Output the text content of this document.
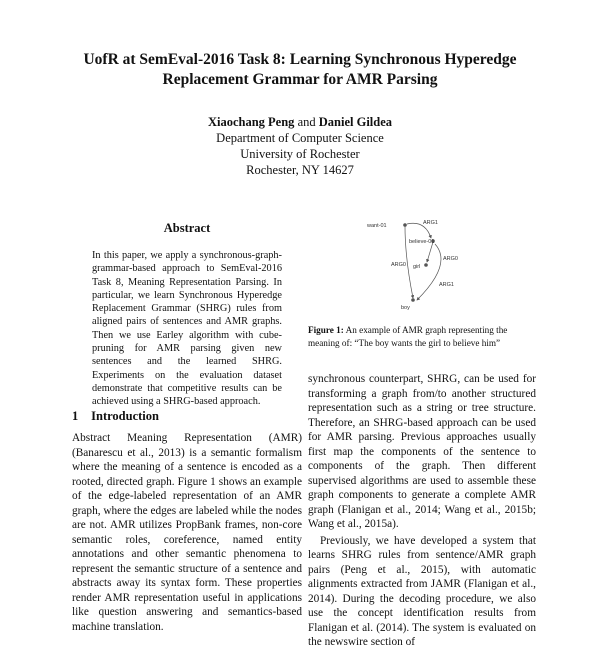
UofR at SemEval-2016 Task 8: Learning Synchronous Hyperedge
Replacement Grammar for AMR Parsing
Xiaochang Peng and Daniel Gildea
Department of Computer Science
University of Rochester
Rochester, NY 14627
Abstract
In this paper, we apply a synchronous-graph-grammar-based approach to SemEval-2016 Task 8, Meaning Representation Parsing. In particular, we learn Synchronous Hyperedge Replacement Grammar (SHRG) rules from aligned pairs of sentences and AMR graphs. Then we use Earley algorithm with cube-pruning for AMR parsing given new sentences and the learned SHRG. Experiments on the evaluation dataset demonstrate that competitive results can be achieved using a SHRG-based approach.
1 Introduction

Abstract Meaning Representation (AMR) (Banarescu et al., 2013) is a semantic formalism where the meaning of a sentence is encoded as a rooted, directed graph. Figure 1 shows an example of the edge-labeled representation of an AMR graph, where the edges are labeled while the nodes are not. AMR utilizes PropBank frames, non-core semantic roles, coreference, named entity annotations and other semantic phenomena to represent the semantic structure of a sentence and abstracts away its syntax form. These properties render AMR representation useful in applications like question answering and semantics-based machine translation.

want-01
believe-01
girl
boy
ARG1
ARG0
ARG0
ARG1
Figure 1: An example of AMR graph representing the meaning of: “The boy wants the girl to believe him”

synchronous counterpart, SHRG, can be used for transforming a graph from/to another structured representation such as a string or tree structure. Therefore, an SHRG-based approach can be used for AMR parsing. Previous approaches usually first map the components of the sentence to components of the graph. Then different supervised algorithms are used to assemble these graph components to generate a complete AMR graph (Flanigan et al., 2014; Wang et al., 2015b; Wang et al., 2015a).

Previously, we have developed a system that learns SHRG rules from sentence/AMR graph pairs (Peng et al., 2015), with automatic alignments extracted from JAMR (Flanigan et al., 2014). During the decoding procedure, we also use the concept identification results from Flanigan et al. (2014). The system is evaluated on the newswire section of
